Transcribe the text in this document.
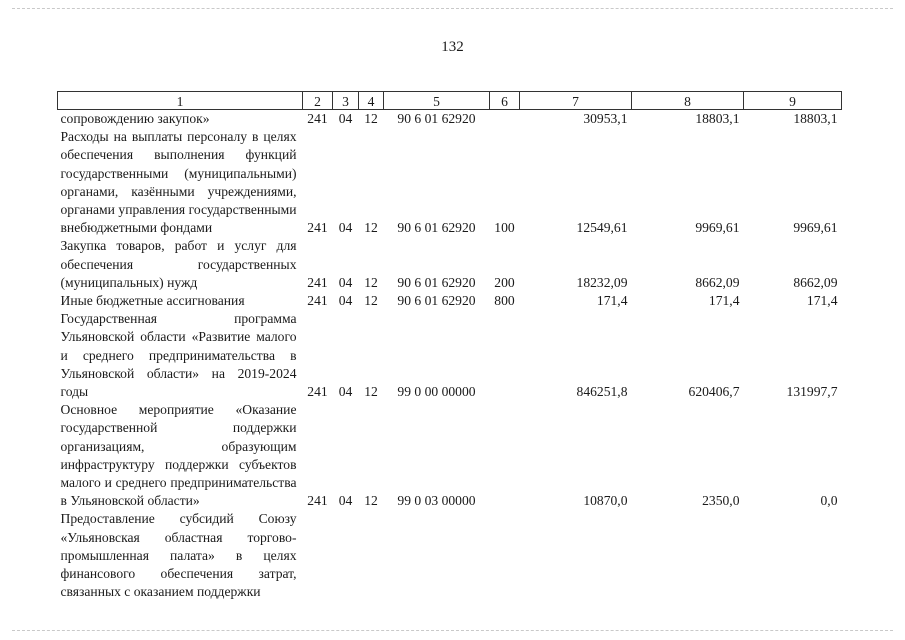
132
1	2	3	4	5	6	7	8	9
сопровождению закупок»	241	04	12	90 6 01 62920		30953,1	18803,1	18803,1
Расходы на выплаты персоналу в целях обеспечения выполнения функций государственными (муниципальными) органами, казёнными учреждениями, органами управления государственными внебюджетными фондами	241	04	12	90 6 01 62920	100	12549,61	9969,61	9969,61
Закупка товаров, работ и услуг для обеспечения государственных (муниципальных) нужд	241	04	12	90 6 01 62920	200	18232,09	8662,09	8662,09
Иные бюджетные ассигнования	241	04	12	90 6 01 62920	800	171,4	171,4	171,4
Государственная программа Ульяновской области «Развитие малого и среднего предпринимательства в Ульяновской области» на 2019-2024 годы	241	04	12	99 0 00 00000		846251,8	620406,7	131997,7
Основное мероприятие «Оказание государственной поддержки организациям, образующим инфраструктуру поддержки субъектов малого и среднего предпринимательства в Ульяновской области»	241	04	12	99 0 03 00000		10870,0	2350,0	0,0
Предоставление субсидий Союзу «Ульяновская областная торгово-промышленная палата» в целях финансового обеспечения затрат, связанных с оказанием поддержки								
